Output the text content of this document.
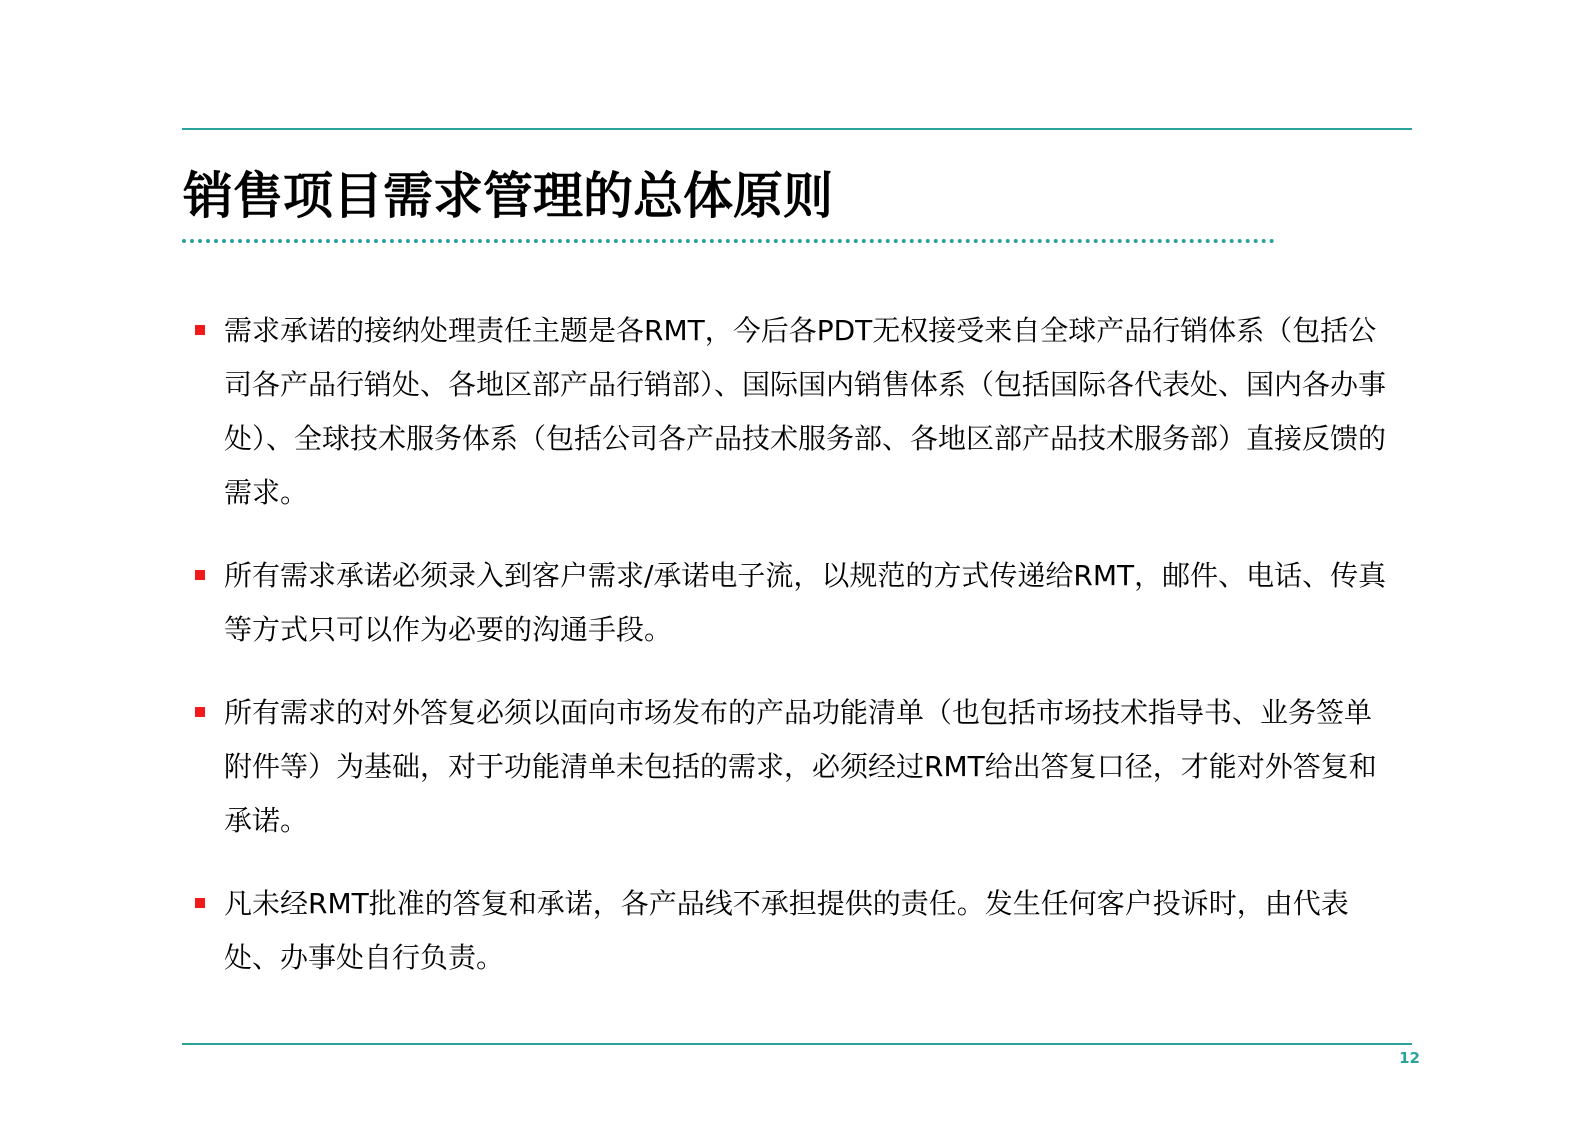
销售项目需求管理的总体原则
需求承诺的接纳处理责任主题是各RMT，今后各PDT无权接受来自全球产品行销体系（包括公司各产品行销处、各地区部产品行销部）、国际国内销售体系（包括国际各代表处、国内各办事处）、全球技术服务体系（包括公司各产品技术服务部、各地区部产品技术服务部）直接反馈的需求。
所有需求承诺必须录入到客户需求/承诺电子流，以规范的方式传递给RMT，邮件、电话、传真等方式只可以作为必要的沟通手段。
所有需求的对外答复必须以面向市场发布的产品功能清单（也包括市场技术指导书、业务签单附件等）为基础，对于功能清单未包括的需求，必须经过RMT给出答复口径，才能对外答复和承诺。
凡未经RMT批准的答复和承诺，各产品线不承担提供的责任。发生任何客户投诉时，由代表处、办事处自行负责。
12
